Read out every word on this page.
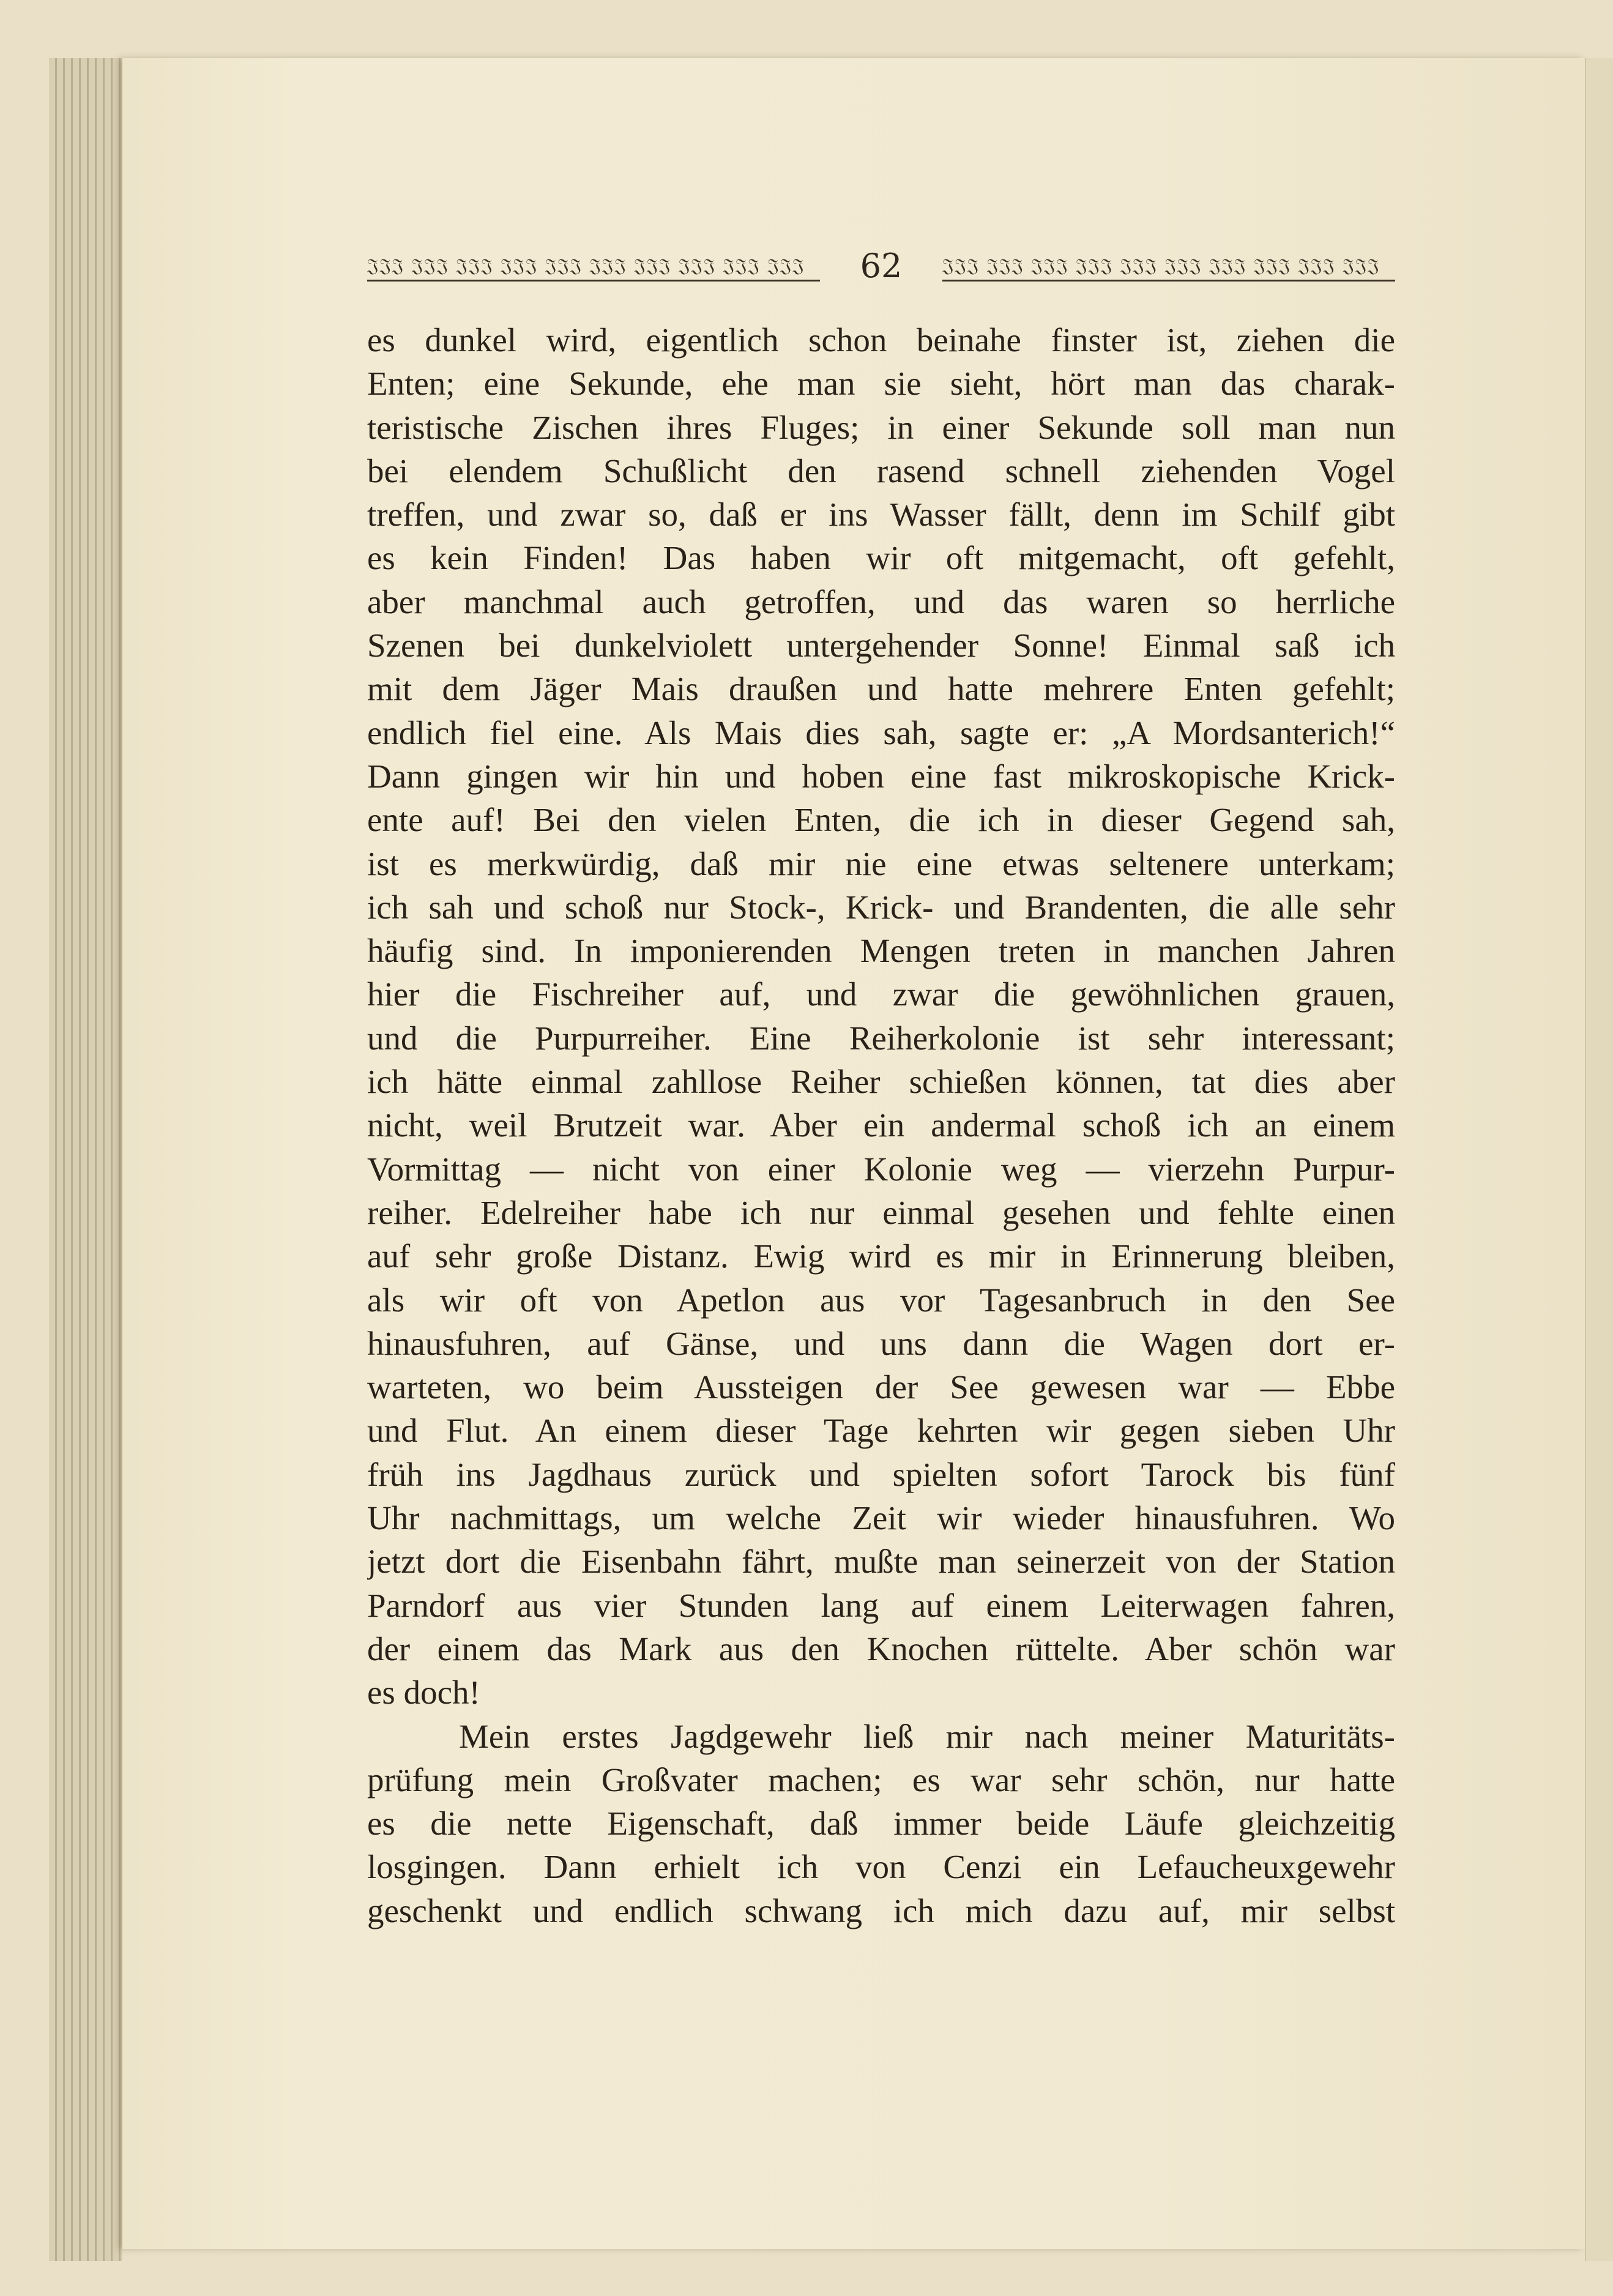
𝔍𝔍𝔍 𝔍𝔍𝔍 𝔍𝔍𝔍 𝔍𝔍𝔍 𝔍𝔍𝔍 𝔍𝔍𝔍 𝔍𝔍𝔍 𝔍𝔍𝔍 𝔍𝔍𝔍 𝔍𝔍𝔍	62	𝔍𝔍𝔍 𝔍𝔍𝔍 𝔍𝔍𝔍 𝔍𝔍𝔍 𝔍𝔍𝔍 𝔍𝔍𝔍 𝔍𝔍𝔍 𝔍𝔍𝔍 𝔍𝔍𝔍 𝔍𝔍𝔍
es dunkel wird, eigentlich schon beinahe finster ist, ziehen die
Enten; eine Sekunde, ehe man sie sieht, hört man das charak-
teristische Zischen ihres Fluges; in einer Sekunde soll man nun
bei elendem Schußlicht den rasend schnell ziehenden Vogel
treffen, und zwar so, daß er ins Wasser fällt, denn im Schilf gibt
es kein Finden! Das haben wir oft mitgemacht, oft gefehlt,
aber manchmal auch getroffen, und das waren so herrliche
Szenen bei dunkelviolett untergehender Sonne! Einmal saß ich
mit dem Jäger Mais draußen und hatte mehrere Enten gefehlt;
endlich fiel eine. Als Mais dies sah, sagte er: „A Mordsanterich!“
Dann gingen wir hin und hoben eine fast mikroskopische Krick-
ente auf! Bei den vielen Enten, die ich in dieser Gegend sah,
ist es merkwürdig, daß mir nie eine etwas seltenere unterkam;
ich sah und schoß nur Stock-, Krick- und Brandenten, die alle sehr
häufig sind. In imponierenden Mengen treten in manchen Jahren
hier die Fischreiher auf, und zwar die gewöhnlichen grauen,
und die Purpurreiher. Eine Reiherkolonie ist sehr interessant;
ich hätte einmal zahllose Reiher schießen können, tat dies aber
nicht, weil Brutzeit war. Aber ein andermal schoß ich an einem
Vormittag — nicht von einer Kolonie weg — vierzehn Purpur-
reiher. Edelreiher habe ich nur einmal gesehen und fehlte einen
auf sehr große Distanz. Ewig wird es mir in Erinnerung bleiben,
als wir oft von Apetlon aus vor Tagesanbruch in den See
hinausfuhren, auf Gänse, und uns dann die Wagen dort er-
warteten, wo beim Aussteigen der See gewesen war — Ebbe
und Flut. An einem dieser Tage kehrten wir gegen sieben Uhr
früh ins Jagdhaus zurück und spielten sofort Tarock bis fünf
Uhr nachmittags, um welche Zeit wir wieder hinausfuhren. Wo
jetzt dort die Eisenbahn fährt, mußte man seinerzeit von der Station
Parndorf aus vier Stunden lang auf einem Leiterwagen fahren,
der einem das Mark aus den Knochen rüttelte. Aber schön war
es doch!
Mein erstes Jagdgewehr ließ mir nach meiner Maturitäts-
prüfung mein Großvater machen; es war sehr schön, nur hatte
es die nette Eigenschaft, daß immer beide Läufe gleichzeitig
losgingen. Dann erhielt ich von Cenzi ein Lefaucheuxgewehr
geschenkt und endlich schwang ich mich dazu auf, mir selbst
